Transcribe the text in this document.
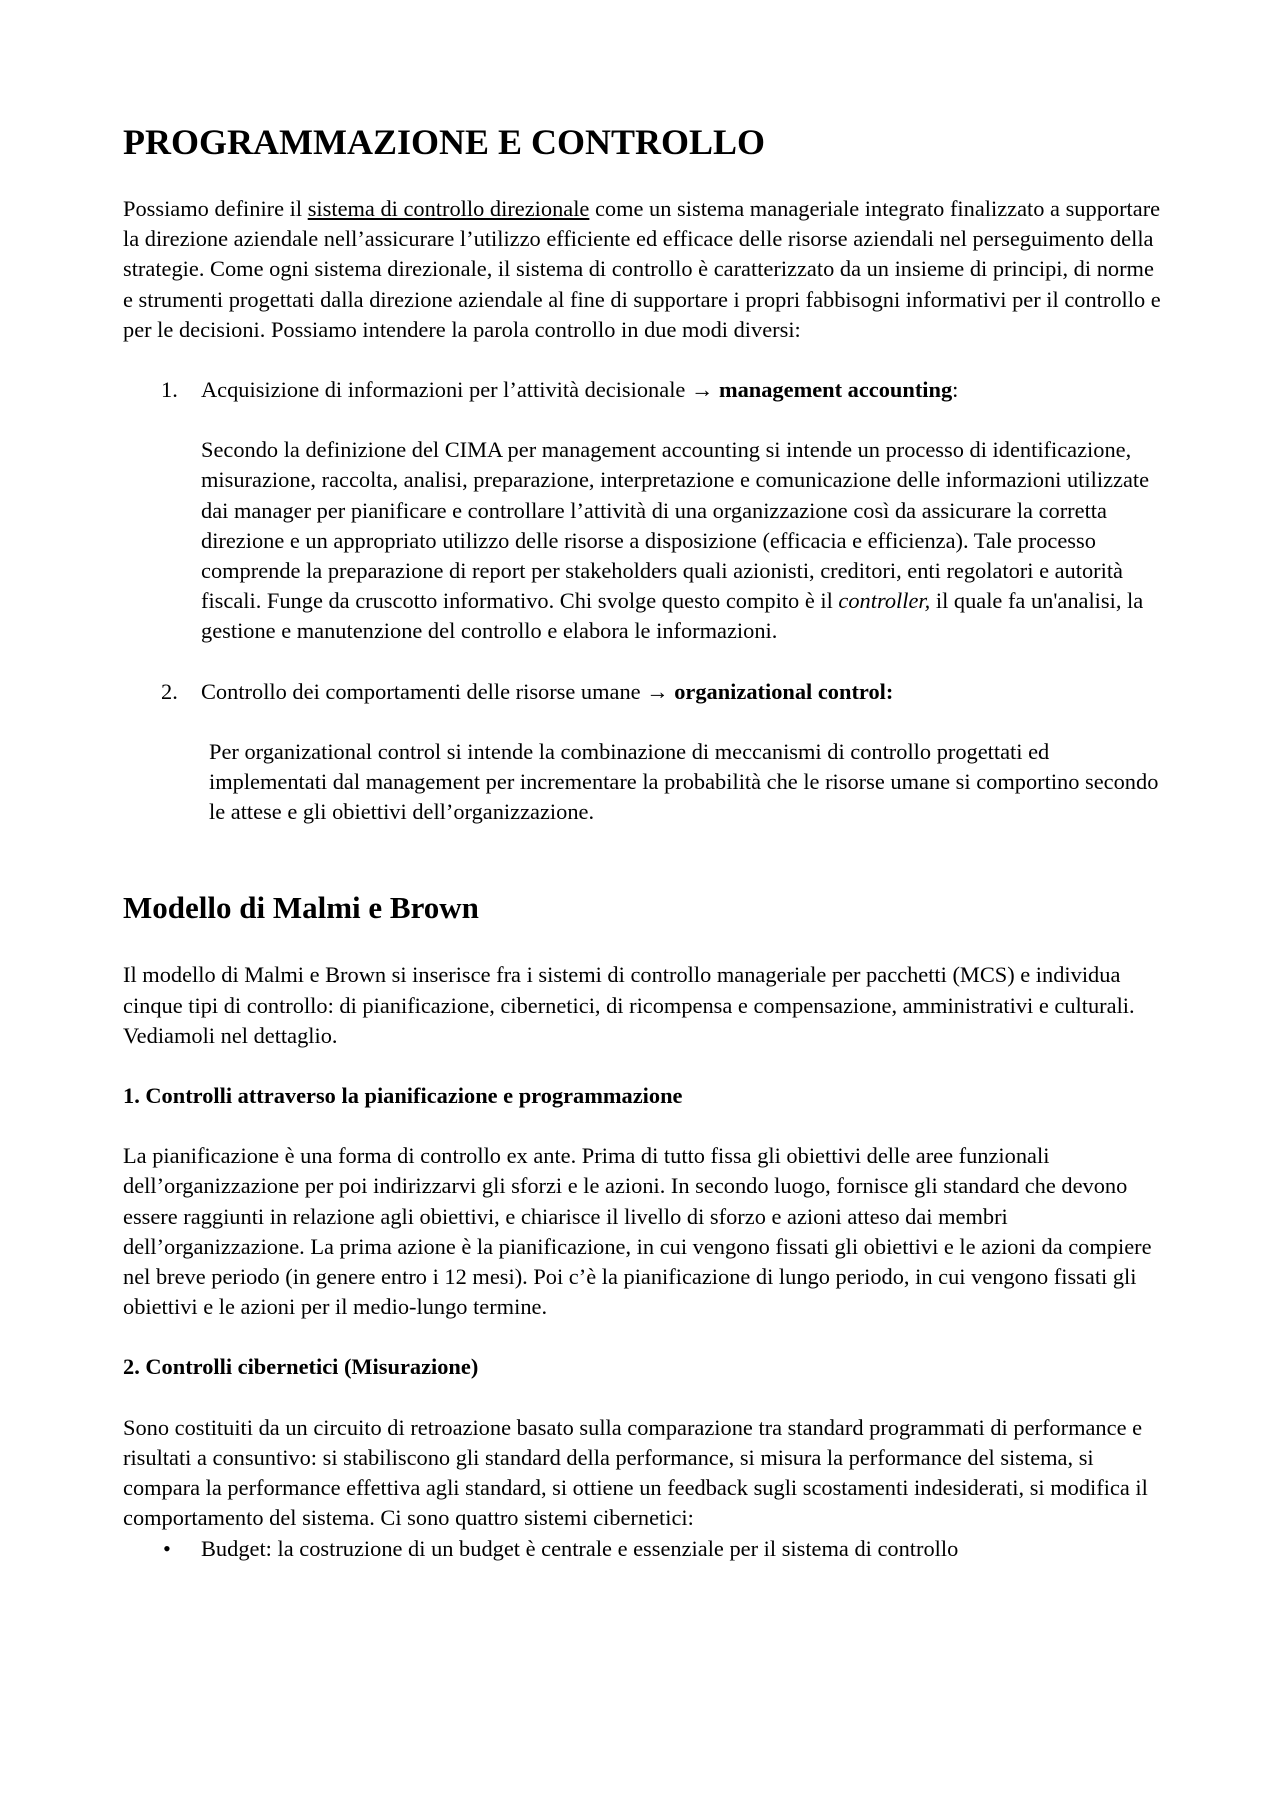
PROGRAMMAZIONE E CONTROLLO

Possiamo definire il sistema di controllo direzionale come un sistema manageriale integrato finalizzato a supportare la direzione aziendale nell’assicurare l’utilizzo efficiente ed efficace delle risorse aziendali nel perseguimento della strategie. Come ogni sistema direzionale, il sistema di controllo è caratterizzato da un insieme di principi, di norme e strumenti progettati dalla direzione aziendale al fine di supportare i propri fabbisogni informativi per il controllo e per le decisioni. Possiamo intendere la parola controllo in due modi diversi:

1. Acquisizione di informazioni per l’attività decisionale → management accounting:

Secondo la definizione del CIMA per management accounting si intende un processo di identificazione, misurazione, raccolta, analisi, preparazione, interpretazione e comunicazione delle informazioni utilizzate dai manager per pianificare e controllare l’attività di una organizzazione così da assicurare la corretta direzione e un appropriato utilizzo delle risorse a disposizione (efficacia e efficienza). Tale processo comprende la preparazione di report per stakeholders quali azionisti, creditori, enti regolatori e autorità fiscali. Funge da cruscotto informativo. Chi svolge questo compito è il controller, il quale fa un'analisi, la gestione e manutenzione del controllo e elabora le informazioni.

2. Controllo dei comportamenti delle risorse umane → organizational control:

Per organizational control si intende la combinazione di meccanismi di controllo progettati ed implementati dal management per incrementare la probabilità che le risorse umane si comportino secondo le attese e gli obiettivi dell’organizzazione.

Modello di Malmi e Brown

Il modello di Malmi e Brown si inserisce fra i sistemi di controllo manageriale per pacchetti (MCS) e individua cinque tipi di controllo: di pianificazione, cibernetici, di ricompensa e compensazione, amministrativi e culturali. Vediamoli nel dettaglio.

1. Controlli attraverso la pianificazione e programmazione

La pianificazione è una forma di controllo ex ante. Prima di tutto fissa gli obiettivi delle aree funzionali dell’organizzazione per poi indirizzarvi gli sforzi e le azioni. In secondo luogo, fornisce gli standard che devono essere raggiunti in relazione agli obiettivi, e chiarisce il livello di sforzo e azioni atteso dai membri dell’organizzazione. La prima azione è la pianificazione, in cui vengono fissati gli obiettivi e le azioni da compiere nel breve periodo (in genere entro i 12 mesi). Poi c’è la pianificazione di lungo periodo, in cui vengono fissati gli obiettivi e le azioni per il medio-lungo termine.

2. Controlli cibernetici (Misurazione)

Sono costituiti da un circuito di retroazione basato sulla comparazione tra standard programmati di performance e risultati a consuntivo: si stabiliscono gli standard della performance, si misura la performance del sistema, si compara la performance effettiva agli standard, si ottiene un feedback sugli scostamenti indesiderati, si modifica il comportamento del sistema. Ci sono quattro sistemi cibernetici:

• Budget: la costruzione di un budget è centrale e essenziale per il sistema di controllo
